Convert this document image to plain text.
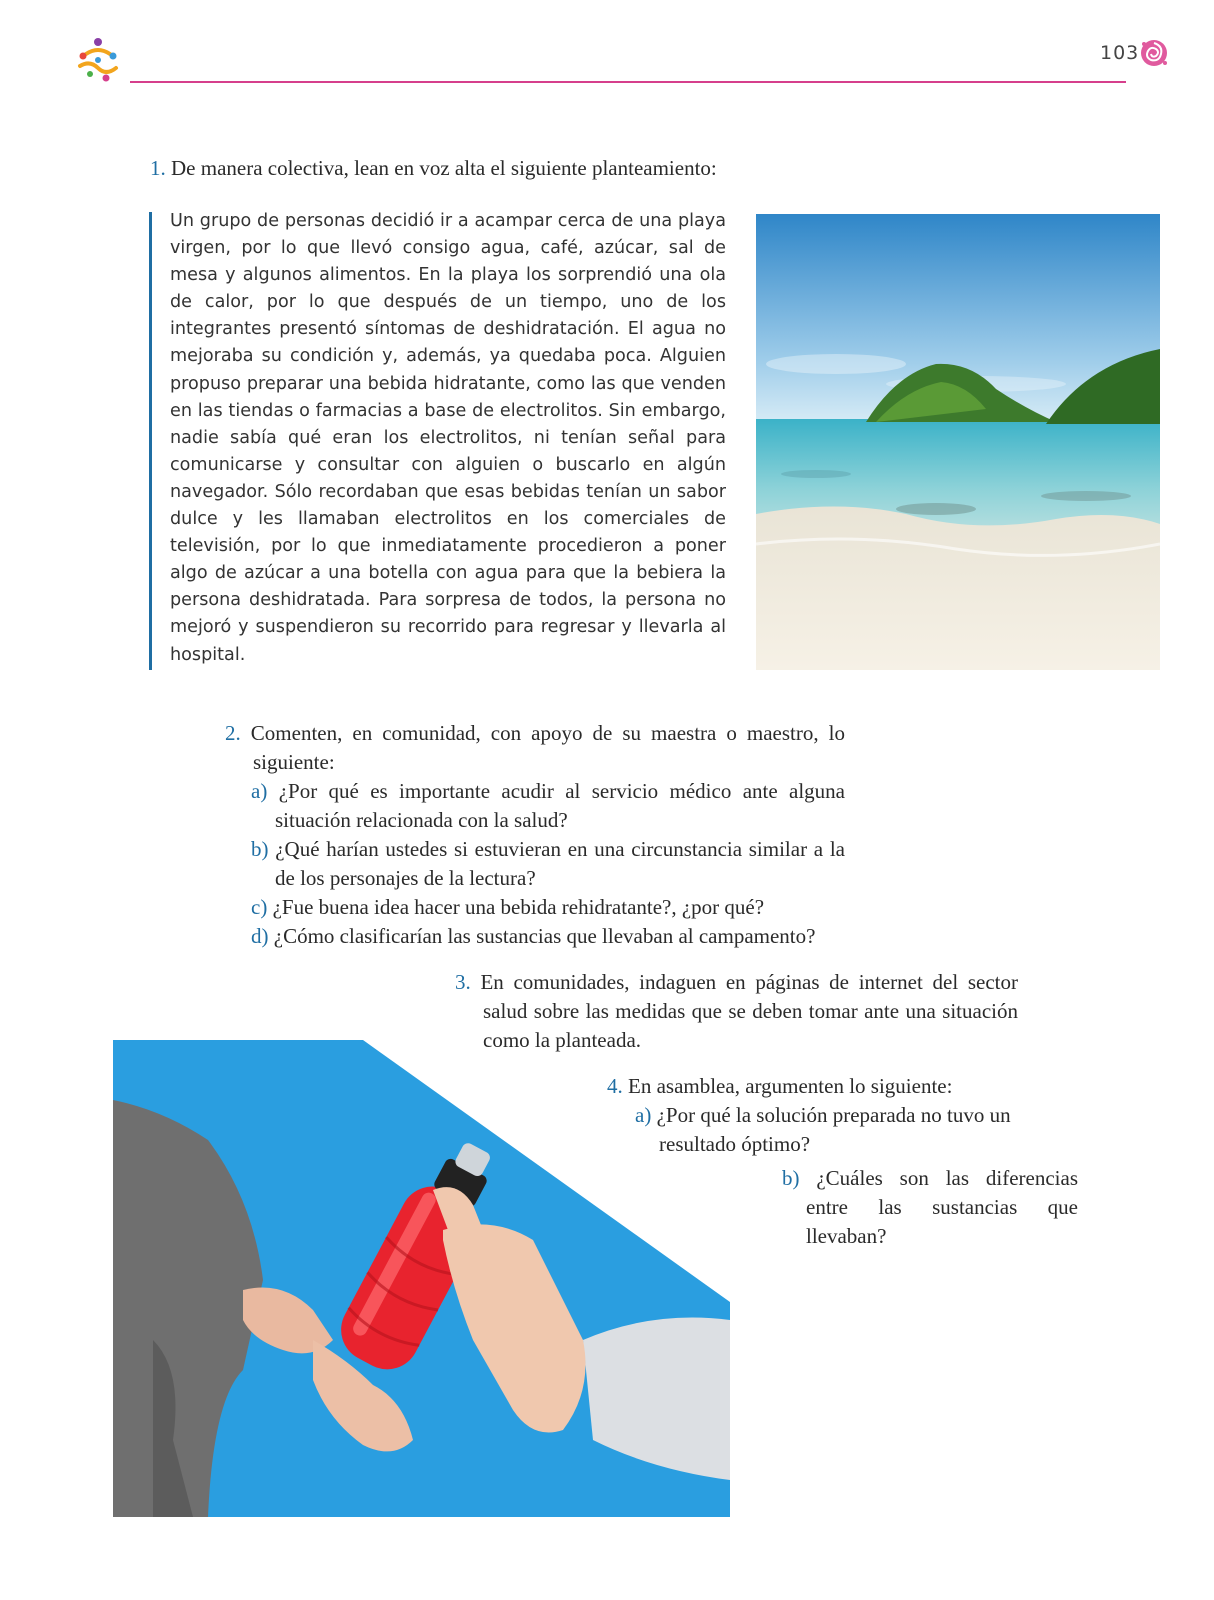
103
1. De manera colectiva, lean en voz alta el siguiente planteamiento:
Un grupo de personas decidió ir a acampar cerca de una playa virgen, por lo que llevó consigo agua, café, azúcar, sal de mesa y algunos alimentos. En la playa los sorprendió una ola de calor, por lo que después de un tiempo, uno de los integrantes presentó síntomas de deshidratación. El agua no mejoraba su condición y, además, ya quedaba poca. Alguien propuso preparar una bebida hidratante, como las que venden en las tiendas o farmacias a base de electrolitos. Sin embargo, nadie sabía qué eran los electrolitos, ni tenían señal para comunicarse y consultar con alguien o buscarlo en algún navegador. Sólo recordaban que esas bebidas tenían un sabor dulce y les llamaban electrolitos en los comerciales de televisión, por lo que inmediatamente procedieron a poner algo de azúcar a una botella con agua para que la bebiera la persona deshidratada. Para sorpresa de todos, la persona no mejoró y suspendieron su recorrido para regresar y llevarla al hospital.
2. Comenten, en comunidad, con apoyo de su maestra o maestro, lo siguiente:
a) ¿Por qué es importante acudir al servicio médico ante alguna situación relacionada con la salud?
b) ¿Qué harían ustedes si estuvieran en una circunstancia similar a la de los personajes de la lectura?
c) ¿Fue buena idea hacer una bebida rehidratante?, ¿por qué?
d) ¿Cómo clasificarían las sustancias que llevaban al campamento?
3. En comunidades, indaguen en páginas de internet del sector salud sobre las medidas que se deben tomar ante una situación como la planteada.
4. En asamblea, argumenten lo siguiente:
a) ¿Por qué la solución preparada no tuvo un resultado óptimo?
b) ¿Cuáles son las diferencias entre las sustancias que llevaban?
